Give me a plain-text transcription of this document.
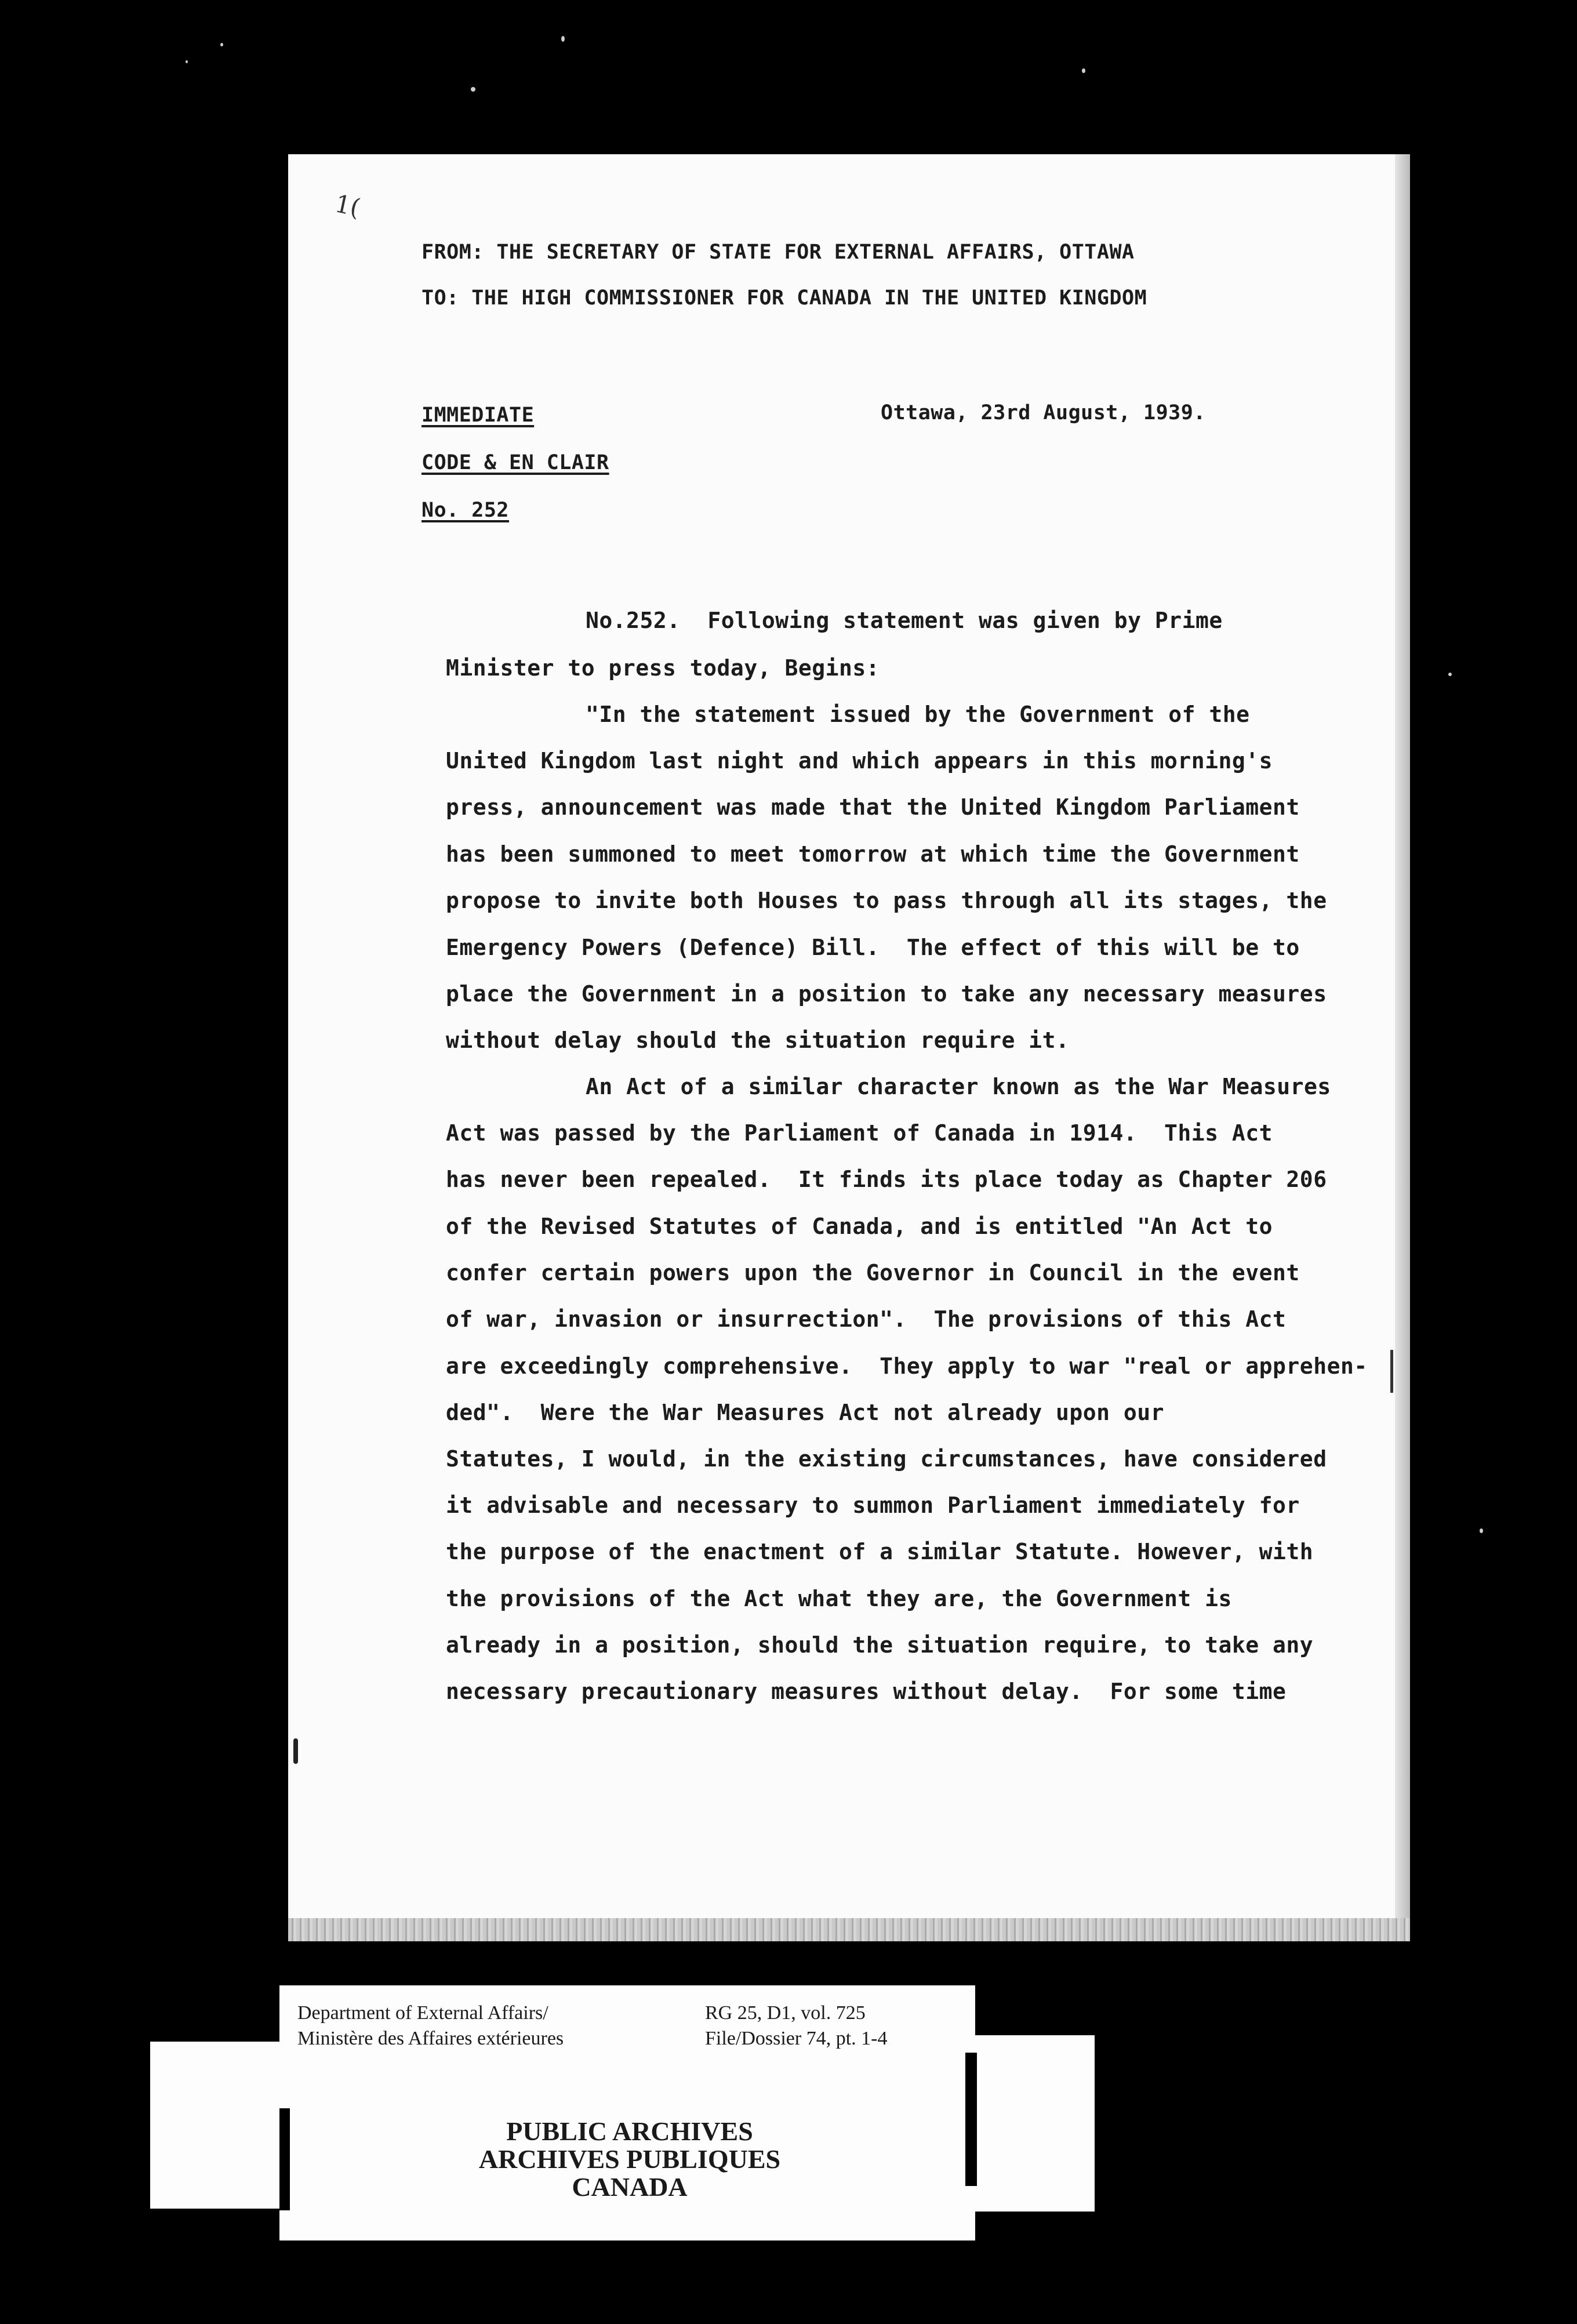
1(
FROM: THE SECRETARY OF STATE FOR EXTERNAL AFFAIRS, OTTAWA
TO: THE HIGH COMMISSIONER FOR CANADA IN THE UNITED KINGDOM
IMMEDIATE	Ottawa, 23rd August, 1939.
CODE & EN CLAIR
No. 252
No.252.  Following statement was given by Prime
Minister to press today, Begins:
"In the statement issued by the Government of the
United Kingdom last night and which appears in this morning's
press, announcement was made that the United Kingdom Parliament
has been summoned to meet tomorrow at which time the Government
propose to invite both Houses to pass through all its stages, the
Emergency Powers (Defence) Bill.  The effect of this will be to
place the Government in a position to take any necessary measures
without delay should the situation require it.
An Act of a similar character known as the War Measures
Act was passed by the Parliament of Canada in 1914.  This Act
has never been repealed.  It finds its place today as Chapter 206
of the Revised Statutes of Canada, and is entitled "An Act to
confer certain powers upon the Governor in Council in the event
of war, invasion or insurrection".  The provisions of this Act
are exceedingly comprehensive.  They apply to war "real or apprehen-
ded".  Were the War Measures Act not already upon our
Statutes, I would, in the existing circumstances, have considered
it advisable and necessary to summon Parliament immediately for
the purpose of the enactment of a similar Statute. However, with
the provisions of the Act what they are, the Government is
already in a position, should the situation require, to take any
necessary precautionary measures without delay.  For some time
Department of External Affairs/
Ministère des Affaires extérieures
RG 25, D1, vol. 725
File/Dossier 74, pt. 1-4
PUBLIC ARCHIVES
ARCHIVES PUBLIQUES
CANADA
